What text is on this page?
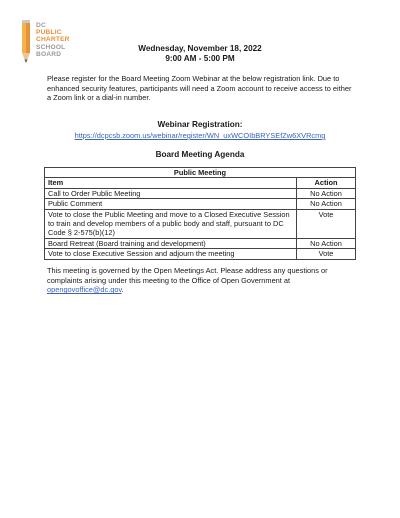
DC
PUBLIC
CHARTER
SCHOOL
BOARD
Wednesday, November 18, 2022
9:00 AM - 5:00 PM
Please register for the Board Meeting Zoom Webinar at the below registration link. Due to enhanced security features, participants will need a Zoom account to receive access to either a Zoom link or a dial-in number.
Webinar Registration:
https://dcpcsb.zoom.us/webinar/register/WN_uxWCOIbBRYSEfZw6XVRcmg
Board Meeting Agenda
Public Meeting	
Item	Action
Call to Order Public Meeting	No Action
Public Comment	No Action
Vote to close the Public Meeting and move to a Closed Executive Session to train and develop members of a public body and staff, pursuant to DC Code § 2-575(b)(12)	Vote
Board Retreat (Board training and development)	No Action
Vote to close Executive Session and adjourn the meeting	Vote
This meeting is governed by the Open Meetings Act. Please address any questions or complaints arising under this meeting to the Office of Open Government at opengovoffice@dc.gov.
